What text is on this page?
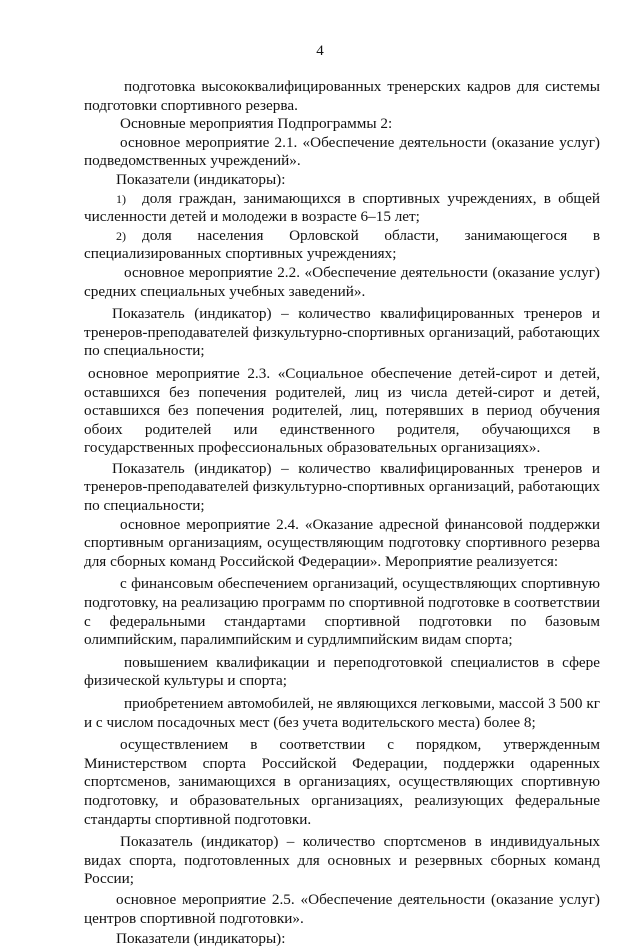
4

подготовка высококвалифицированных тренерских кадров для системы подготовки спортивного резерва.

Основные мероприятия Подпрограммы 2:

основное мероприятие 2.1. «Обеспечение деятельности (оказание услуг) подведомственных учреждений».

Показатели (индикаторы):

1) доля граждан, занимающихся в спортивных учреждениях, в общей численности детей и молодежи в возрасте 6–15 лет;

2) доля населения Орловской области, занимающегося в специализированных спортивных учреждениях;

основное мероприятие 2.2. «Обеспечение деятельности (оказание услуг) средних специальных учебных заведений».

Показатель (индикатор) – количество квалифицированных тренеров и тренеров-преподавателей физкультурно-спортивных организаций, работающих по специальности;

основное мероприятие 2.3. «Социальное обеспечение детей-сирот и детей, оставшихся без попечения родителей, лиц из числа детей-сирот и детей, оставшихся без попечения родителей, лиц, потерявших в период обучения обоих родителей или единственного родителя, обучающихся в государственных профессиональных образовательных организациях».

Показатель (индикатор) – количество квалифицированных тренеров и тренеров-преподавателей физкультурно-спортивных организаций, работающих по специальности;

основное мероприятие 2.4. «Оказание адресной финансовой поддержки спортивным организациям, осуществляющим подготовку спортивного резерва для сборных команд Российской Федерации». Мероприятие реализуется:

с финансовым обеспечением организаций, осуществляющих спортивную подготовку, на реализацию программ по спортивной подготовке в соответствии с федеральными стандартами спортивной подготовки по базовым олимпийским, паралимпийским и сурдлимпийским видам спорта;

повышением квалификации и переподготовкой специалистов в сфере физической культуры и спорта;

приобретением автомобилей, не являющихся легковыми, массой 3 500 кг и с числом посадочных мест (без учета водительского места) более 8;

осуществлением в соответствии с порядком, утвержденным Министерством спорта Российской Федерации, поддержки одаренных спортсменов, занимающихся в организациях, осуществляющих спортивную подготовку, и образовательных организациях, реализующих федеральные стандарты спортивной подготовки.

Показатель (индикатор) – количество спортсменов в индивидуальных видах спорта, подготовленных для основных и резервных сборных команд России;

основное мероприятие 2.5. «Обеспечение деятельности (оказание услуг) центров спортивной подготовки».

Показатели (индикаторы):
